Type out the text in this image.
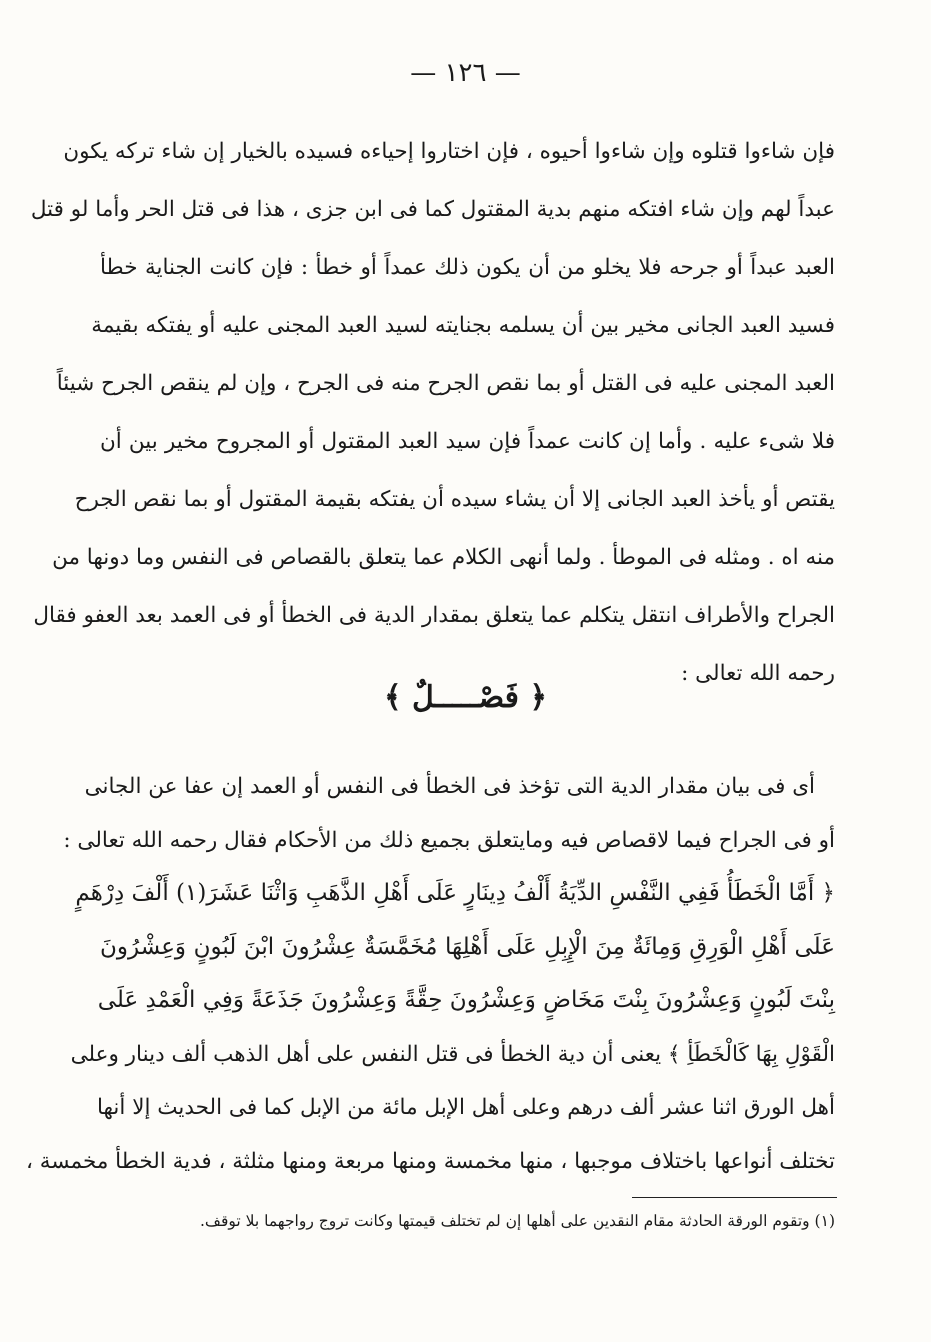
— ١٢٦ —
فإن شاءوا قتلوه وإن شاءوا أحيوه ، فإن اختاروا إحياءه فسيده بالخيار إن شاء تركه يكون
عبداً لهم وإن شاء افتكه منهم بدية المقتول كما فى ابن جزى ، هذا فى قتل الحر وأما لو قتل
العبد عبداً أو جرحه فلا يخلو من أن يكون ذلك عمداً أو خطأ : فإن كانت الجناية خطأ
فسيد العبد الجانى مخير بين أن يسلمه بجنايته لسيد العبد المجنى عليه أو يفتكه بقيمة
العبد المجنى عليه فى القتل أو بما نقص الجرح منه فى الجرح ، وإن لم ينقص الجرح شيئاً
فلا شىء عليه . وأما إن كانت عمداً فإن سيد العبد المقتول أو المجروح مخير بين أن
يقتص أو يأخذ العبد الجانى إلا أن يشاء سيده أن يفتكه بقيمة المقتول أو بما نقص الجرح
منه اه . ومثله فى الموطأ . ولما أنهى الكلام عما يتعلق بالقصاص فى النفس وما دونها من
الجراح والأطراف انتقل يتكلم عما يتعلق بمقدار الدية فى الخطأ أو فى العمد بعد العفو فقال
رحمه الله تعالى :
﴿ فَصْـــــلٌ ﴾
أى فى بيان مقدار الدية التى تؤخذ فى الخطأ فى النفس أو العمد إن عفا عن الجانى
أو فى الجراح فيما لاقصاص فيه ومايتعلق بجميع ذلك من الأحكام فقال رحمه الله تعالى :
﴿ أَمَّا الْخَطَأُ فَفِي النَّفْسِ الدِّيَةُ أَلْفُ دِينَارٍ عَلَى أَهْلِ الذَّهَبِ وَاثْنَا عَشَرَ(١) أَلْفَ دِرْهَمٍ
عَلَى أَهْلِ الْوَرِقِ وَمِائَةٌ مِنَ الْإِبِلِ عَلَى أَهْلِهَا مُخَمَّسَةٌ عِشْرُونَ ابْنَ لَبُونٍ وَعِشْرُونَ
بِنْتَ لَبُونٍ وَعِشْرُونَ بِنْتَ مَخَاضٍ وَعِشْرُونَ حِقَّةً وَعِشْرُونَ جَذَعَةً وَفِي الْعَمْدِ عَلَى
الْقَوْلِ بِهَا كَالْخَطَأِ ﴾ يعنى أن دية الخطأ فى قتل النفس على أهل الذهب ألف دينار وعلى
أهل الورق اثنا عشر ألف درهم وعلى أهل الإبل مائة من الإبل كما فى الحديث إلا أنها
تختلف أنواعها باختلاف موجبها ، منها مخمسة ومنها مربعة ومنها مثلثة ، فدية الخطأ مخمسة ،
(١) وتقوم الورقة الحادثة مقام النقدين على أهلها إن لم تختلف قيمتها وكانت تروج رواجهما بلا توقف.
